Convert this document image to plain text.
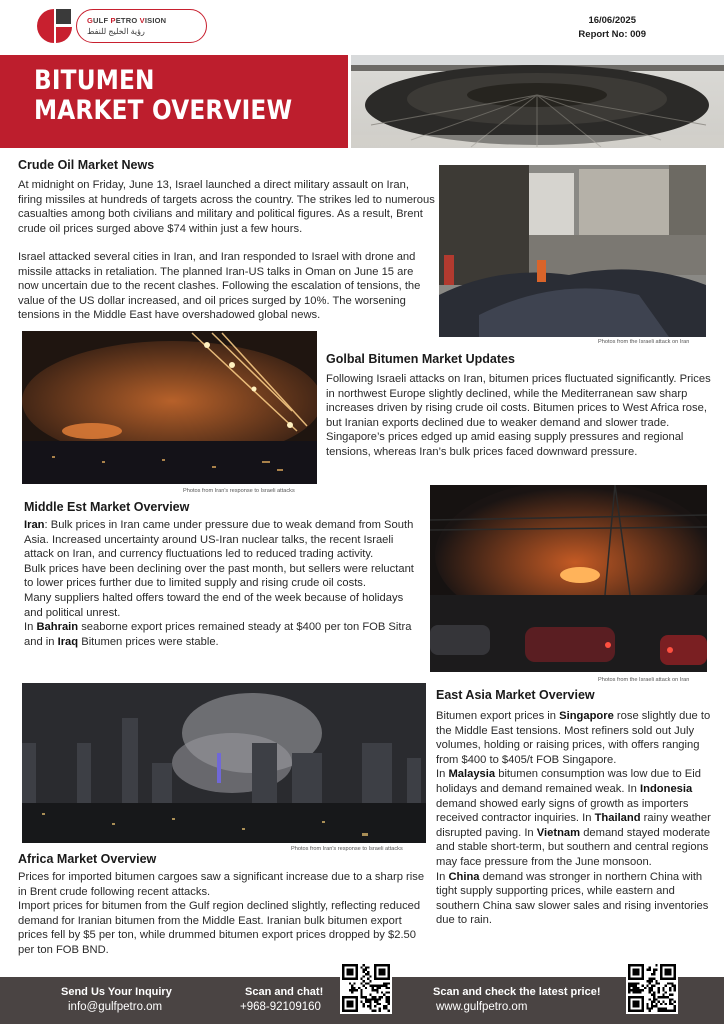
GULF PETRO VISION
رؤية الخليج للنفط
16/06/2025
Report No: 009
BITUMEN
MARKET OVERVIEW
Crude Oil Market News
At midnight on Friday, June 13, Israel launched a direct military assault on Iran, firing missiles at hundreds of targets across the country. The strikes led to numerous casualties among both civilians and military and political figures. As a result, Brent crude oil prices surged above $74 within just a few hours.
Israel attacked several cities in Iran, and Iran responded to Israel with drone and missile attacks in retaliation. The planned Iran-US talks in Oman on June 15 are now uncertain due to the recent clashes. Following the escalation of tensions, the value of the US dollar increased, and oil prices surged by 10%. The worsening tensions in the Middle East have overshadowed global news.
Photos from the Israeli attack on Iran
Photos from Iran's response to Israeli attacks
Golbal Bitumen Market Updates
Following Israeli attacks on Iran, bitumen prices fluctuated significantly. Prices in northwest Europe slightly declined, while the Mediterranean saw sharp increases driven by rising crude oil costs. Bitumen prices to West Africa rose, but Iranian exports declined due to weaker demand and slower trade. Singapore’s prices edged up amid easing supply pressures and regional tensions, whereas Iran’s bulk prices faced downward pressure.
Middle Est Market Overview
Iran: Bulk prices in Iran came under pressure due to weak demand from South Asia. Increased uncertainty around US-Iran nuclear talks, the recent Israeli attack on Iran, and currency fluctuations led to reduced trading activity.
Bulk prices have been declining over the past month, but sellers were reluctant to lower prices further due to limited supply and rising crude oil costs.
Many suppliers halted offers toward the end of the week because of holidays and political unrest.
In Bahrain seaborne export prices remained steady at $400 per ton FOB Sitra and in Iraq Bitumen prices were stable.
Photos from the Israeli attack on Iran
Photos from Iran's response to Israeli attacks
East Asia Market Overview
Bitumen export prices in Singapore rose slightly due to the Middle East tensions. Most refiners sold out July volumes, holding or raising prices, with offers ranging from $400 to $405/t FOB Singapore.
In Malaysia bitumen consumption was low due to Eid holidays and demand remained weak. In Indonesia demand showed early signs of growth as importers received contractor inquiries. In Thailand rainy weather disrupted paving. In Vietnam demand stayed moderate and stable short-term, but southern and central regions may face pressure from the June monsoon.
In China demand was stronger in northern China with tight supply supporting prices, while eastern and southern China saw slower sales and rising inventories due to rain.
Africa Market Overview
Prices for imported bitumen cargoes saw a significant increase due to a sharp rise in Brent crude following recent attacks.
Import prices for bitumen from the Gulf region declined slightly, reflecting reduced demand for Iranian bitumen from the Middle East. Iranian bulk bitumen export prices fell by $5 per ton, while drummed bitumen export prices dropped by $2.50 per ton FOB BND.
Send Us Your Inquiry
info@gulfpetro.om
Scan and chat!
+968-92109160
Scan and check the latest price!
www.gulfpetro.om
